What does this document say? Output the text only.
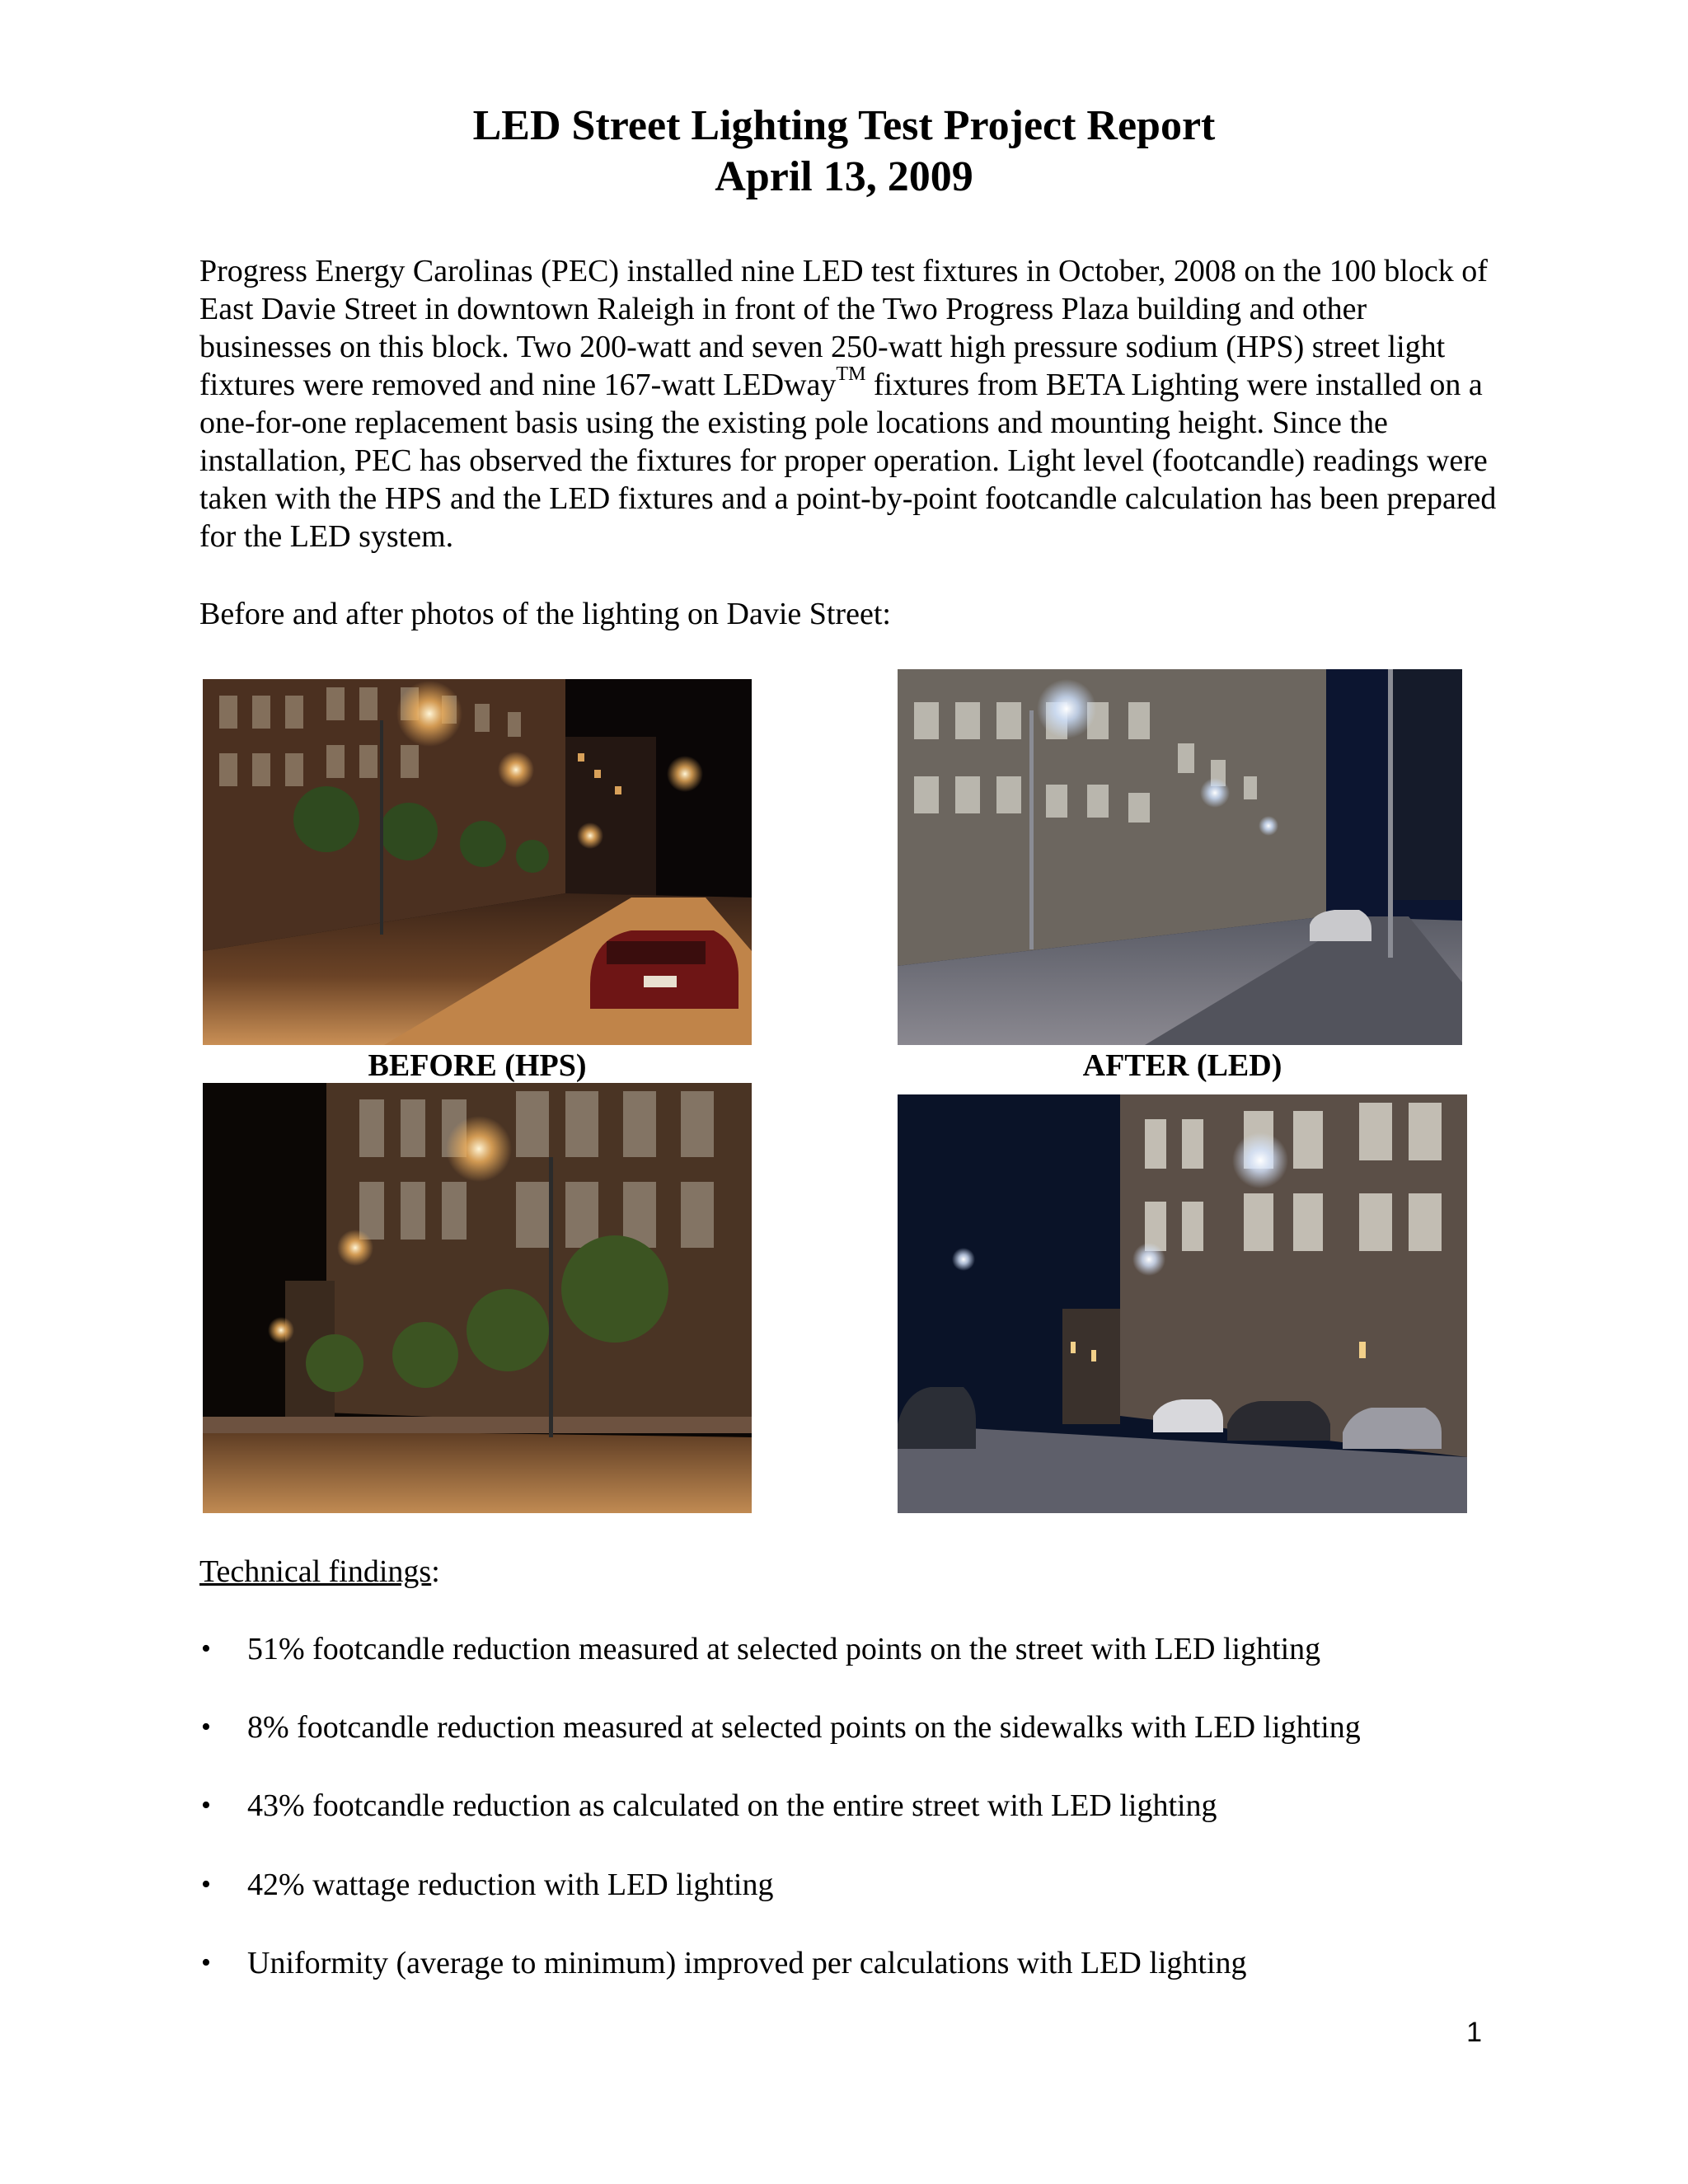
LED Street Lighting Test Project Report
April 13, 2009

Progress Energy Carolinas (PEC) installed nine LED test fixtures in October, 2008 on the 100 block of East Davie Street in downtown Raleigh in front of the Two Progress Plaza building and other businesses on this block. Two 200-watt and seven 250-watt high pressure sodium (HPS) street light fixtures were removed and nine 167-watt LEDway™ fixtures from BETA Lighting were installed on a one-for-one replacement basis using the existing pole locations and mounting height. Since the installation, PEC has observed the fixtures for proper operation. Light level (footcandle) readings were taken with the HPS and the LED fixtures and a point-by-point footcandle calculation has been prepared for the LED system.

Before and after photos of the lighting on Davie Street:

BEFORE (HPS)	AFTER (LED)
Technical findings:
• 51% footcandle reduction measured at selected points on the street with LED lighting
• 8% footcandle reduction measured at selected points on the sidewalks with LED lighting
• 43% footcandle reduction as calculated on the entire street with LED lighting
• 42% wattage reduction with LED lighting
• Uniformity (average to minimum) improved per calculations with LED lighting
1
